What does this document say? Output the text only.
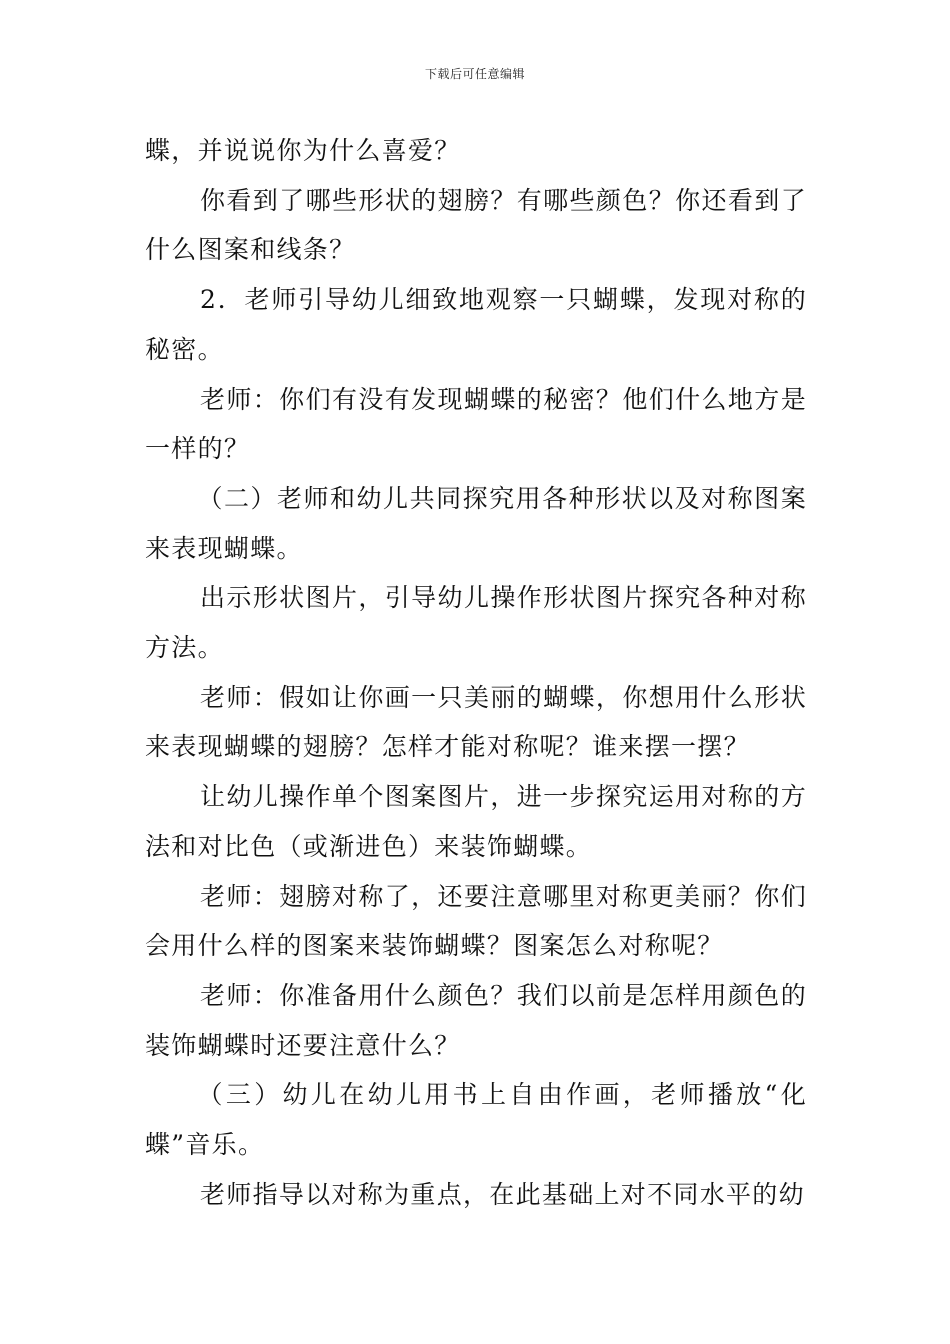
下载后可任意编辑

蝶，并说说你为什么喜爱？

你看到了哪些形状的翅膀？有哪些颜色？你还看到了什么图案和线条？

2．老师引导幼儿细致地观察一只蝴蝶，发现对称的秘密。

老师：你们有没有发现蝴蝶的秘密？他们什么地方是一样的？

（二）老师和幼儿共同探究用各种形状以及对称图案来表现蝴蝶。

出示形状图片，引导幼儿操作形状图片探究各种对称方法。

老师：假如让你画一只美丽的蝴蝶，你想用什么形状来表现蝴蝶的翅膀？怎样才能对称呢？谁来摆一摆？

让幼儿操作单个图案图片，进一步探究运用对称的方法和对比色（或渐进色）来装饰蝴蝶。

老师：翅膀对称了，还要注意哪里对称更美丽？你们会用什么样的图案来装饰蝴蝶？图案怎么对称呢？

老师：你准备用什么颜色？我们以前是怎样用颜色的装饰蝴蝶时还要注意什么？

（三）幼儿在幼儿用书上自由作画，老师播放“化蝶”音乐。

老师指导以对称为重点，在此基础上对不同水平的幼
